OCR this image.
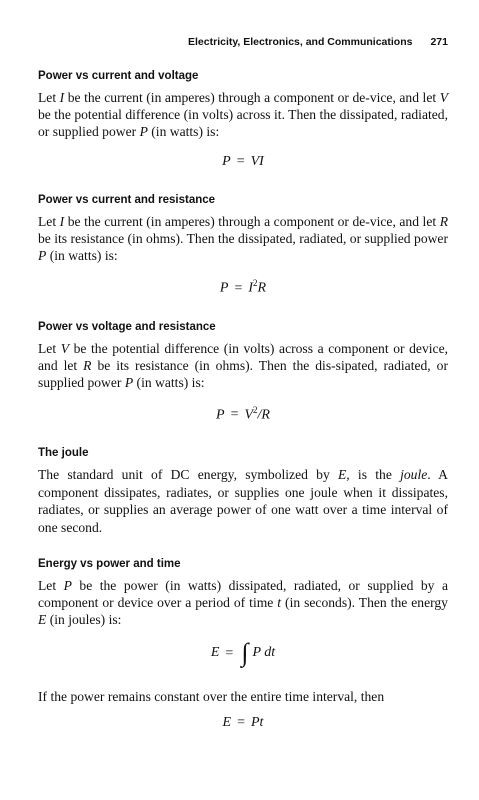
Electricity, Electronics, and Communications 271
Power vs current and voltage

Let I be the current (in amperes) through a component or de-vice, and let V be the potential difference (in volts) across it. Then the dissipated, radiated, or supplied power P (in watts) is:

P = VI
Power vs current and resistance

Let I be the current (in amperes) through a component or de-vice, and let R be its resistance (in ohms). Then the dissipated, radiated, or supplied power P (in watts) is:

$P = I^2R$
Power vs voltage and resistance

Let V be the potential difference (in volts) across a component or device, and let R be its resistance (in ohms). Then the dis-sipated, radiated, or supplied power P (in watts) is:

$P = V^2/R$
The joule

The standard unit of DC energy, symbolized by E, is the joule. A component dissipates, radiates, or supplies one joule when it dissipates, radiates, or supplies an average power of one watt over a time interval of one second.

Energy vs power and time

Let P be the power (in watts) dissipated, radiated, or supplied by a component or device over a period of time t (in seconds). Then the energy E (in joules) is:

E = ∫ P dt

If the power remains constant over the entire time interval, then

E = Pt
